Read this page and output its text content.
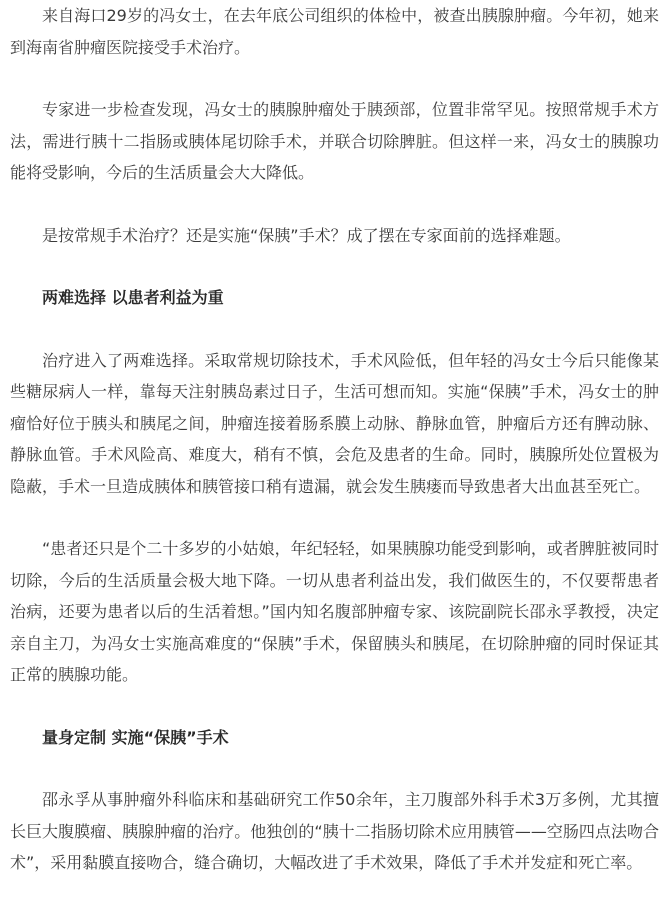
来自海口29岁的冯女士，在去年底公司组织的体检中，被查出胰腺肿瘤。今年初，她来到海南省肿瘤医院接受手术治疗。

专家进一步检查发现，冯女士的胰腺肿瘤处于胰颈部，位置非常罕见。按照常规手术方法，需进行胰十二指肠或胰体尾切除手术，并联合切除脾脏。但这样一来，冯女士的胰腺功能将受影响，今后的生活质量会大大降低。

是按常规手术治疗？还是实施“保胰”手术？成了摆在专家面前的选择难题。

两难选择 以患者利益为重

治疗进入了两难选择。采取常规切除技术，手术风险低，但年轻的冯女士今后只能像某些糖尿病人一样，靠每天注射胰岛素过日子，生活可想而知。实施“保胰”手术，冯女士的肿瘤恰好位于胰头和胰尾之间，肿瘤连接着肠系膜上动脉、静脉血管，肿瘤后方还有脾动脉、静脉血管。手术风险高、难度大，稍有不慎，会危及患者的生命。同时，胰腺所处位置极为隐蔽，手术一旦造成胰体和胰管接口稍有遗漏，就会发生胰瘘而导致患者大出血甚至死亡。

“患者还只是个二十多岁的小姑娘，年纪轻轻，如果胰腺功能受到影响，或者脾脏被同时切除，今后的生活质量会极大地下降。一切从患者利益出发，我们做医生的，不仅要帮患者治病，还要为患者以后的生活着想。”国内知名腹部肿瘤专家、该院副院长邵永孚教授，决定亲自主刀，为冯女士实施高难度的“保胰”手术，保留胰头和胰尾，在切除肿瘤的同时保证其正常的胰腺功能。

量身定制 实施“保胰”手术

邵永孚从事肿瘤外科临床和基础研究工作50余年，主刀腹部外科手术3万多例，尤其擅长巨大腹膜瘤、胰腺肿瘤的治疗。他独创的“胰十二指肠切除术应用胰管——空肠四点法吻合术”，采用黏膜直接吻合，缝合确切，大幅改进了手术效果，降低了手术并发症和死亡率。
